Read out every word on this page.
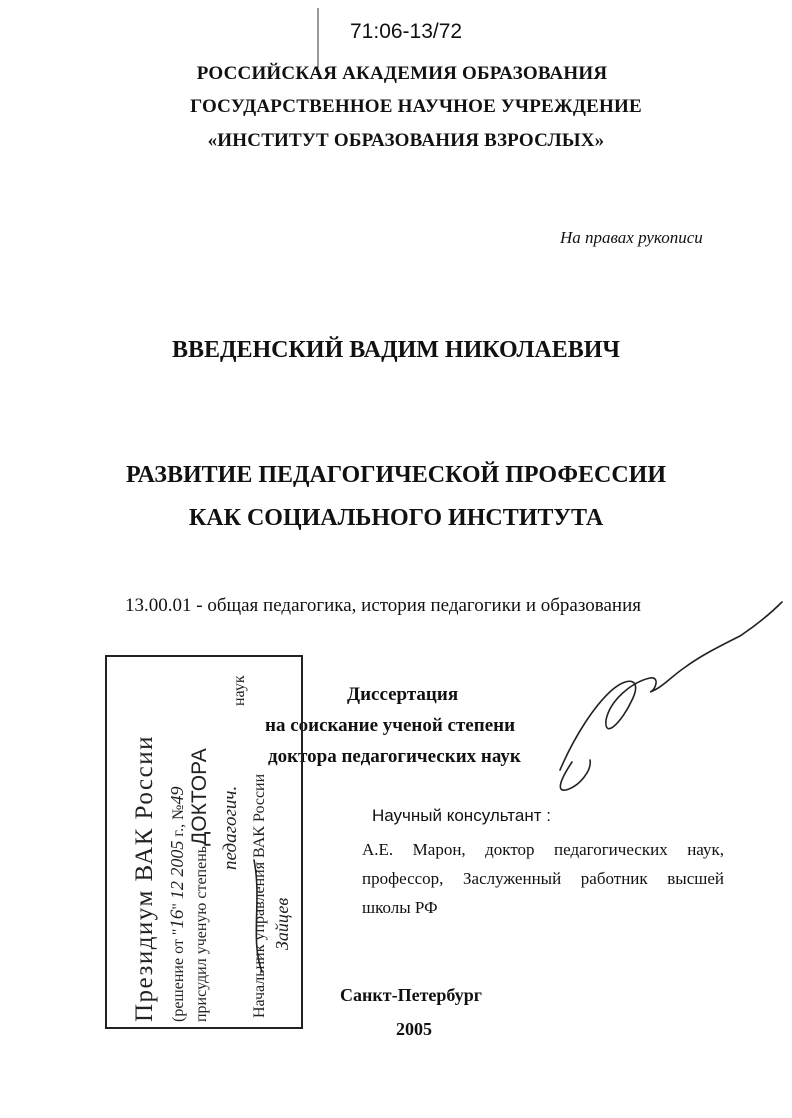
71:06-13/72
РОССИЙСКАЯ АКАДЕМИЯ ОБРАЗОВАНИЯ
ГОСУДАРСТВЕННОЕ НАУЧНОЕ УЧРЕЖДЕНИЕ
«ИНСТИТУТ ОБРАЗОВАНИЯ ВЗРОСЛЫХ»
На правах рукописи
ВВЕДЕНСКИЙ ВАДИМ НИКОЛАЕВИЧ
РАЗВИТИЕ ПЕДАГОГИЧЕСКОЙ ПРОФЕССИИ
КАК СОЦИАЛЬНОГО ИНСТИТУТА
13.00.01 - общая педагогика, история педагогики и образования
Диссертация
на соискание ученой степени
доктора педагогических наук
Научный консультант :
А.Е. Марон, доктор педагогических наук,
профессор, Заслуженный работник высшей
школы РФ
Санкт-Петербург
2005
Президиум ВАК России (решение от "16"12 2005г., №49
присудил ученую степеньДОКТОРА педагогич.
наук
Начальник управления ВАК России Зайцев
